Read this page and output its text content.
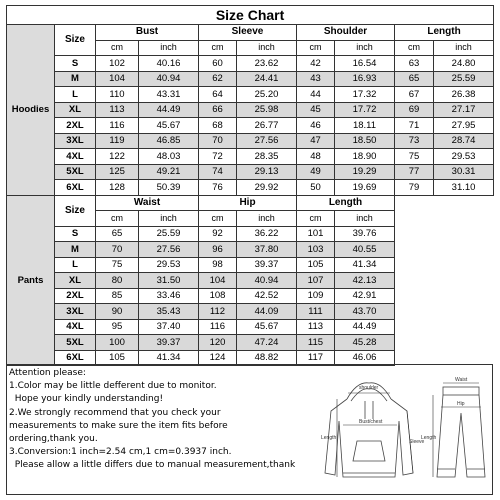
Size Chart									
Hoodies	Size	Bust		Sleeve		Shoulder		Length	
		cm	inch	cm	inch	cm	inch	cm	inch
	S	102	40.16	60	23.62	42	16.54	63	24.80
	M	104	40.94	62	24.41	43	16.93	65	25.59
	L	110	43.31	64	25.20	44	17.32	67	26.38
	XL	113	44.49	66	25.98	45	17.72	69	27.17
	2XL	116	45.67	68	26.77	46	18.11	71	27.95
	3XL	119	46.85	70	27.56	47	18.50	73	28.74
	4XL	122	48.03	72	28.35	48	18.90	75	29.53
	5XL	125	49.21	74	29.13	49	19.29	77	30.31
	6XL	128	50.39	76	29.92	50	19.69	79	31.10
Pants	Size	Waist		Hip		Length			
		cm	inch	cm	inch	cm	inch		
	S	65	25.59	92	36.22	101	39.76		
	M	70	27.56	96	37.80	103	40.55		
	L	75	29.53	98	39.37	105	41.34		
	XL	80	31.50	104	40.94	107	42.13		
	2XL	85	33.46	108	42.52	109	42.91		
	3XL	90	35.43	112	44.09	111	43.70		
	4XL	95	37.40	116	45.67	113	44.49		
	5XL	100	39.37	120	47.24	115	45.28		
	6XL	105	41.34	124	48.82	117	46.06		
Attention please:
1.Color may be little defferent due to monitor.
Hope your kindly understanding!
2.We strongly recommend that you check your
measurements to make sure the item fits before
ordering,thank you.
3.Conversion:1 inch=2.54 cm,1 cm=0.3937 inch.
Please allow a little differs due to manual measurement,thank
shoulder
Bust/chest
Length
Sleeve
Waist
Hip
Length
